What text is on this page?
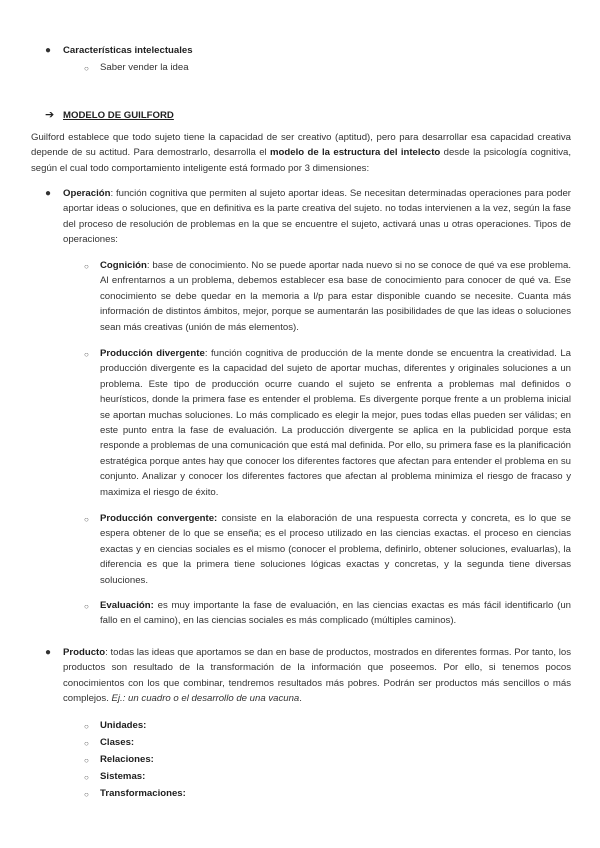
● Características intelectuales
○ Saber vender la idea
➔ MODELO DE GUILFORD
Guilford establece que todo sujeto tiene la capacidad de ser creativo (aptitud), pero para desarrollar esa capacidad creativa depende de su actitud. Para demostrarlo, desarrolla el modelo de la estructura del intelecto desde la psicología cognitiva, según el cual todo comportamiento inteligente está formado por 3 dimensiones:
● Operación: función cognitiva que permiten al sujeto aportar ideas. Se necesitan determinadas operaciones para poder aportar ideas o soluciones, que en definitiva es la parte creativa del sujeto. no todas intervienen a la vez, según la fase del proceso de resolución de problemas en la que se encuentre el sujeto, activará unas u otras operaciones. Tipos de operaciones:
○ Cognición: base de conocimiento. No se puede aportar nada nuevo si no se conoce de qué va ese problema. Al enfrentarnos a un problema, debemos establecer esa base de conocimiento para conocer de qué va. Ese conocimiento se debe quedar en la memoria a l/p para estar disponible cuando se necesite. Cuanta más información de distintos ámbitos, mejor, porque se aumentarán las posibilidades de que las ideas o soluciones sean más creativas (unión de más elementos).
○ Producción divergente: función cognitiva de producción de la mente donde se encuentra la creatividad. La producción divergente es la capacidad del sujeto de aportar muchas, diferentes y originales soluciones a un problema. Este tipo de producción ocurre cuando el sujeto se enfrenta a problemas mal definidos o heurísticos, donde la primera fase es entender el problema. Es divergente porque frente a un problema inicial se aportan muchas soluciones. Lo más complicado es elegir la mejor, pues todas ellas pueden ser válidas; en este punto entra la fase de evaluación. La producción divergente se aplica en la publicidad porque esta responde a problemas de una comunicación que está mal definida. Por ello, su primera fase es la planificación estratégica porque antes hay que conocer los diferentes factores que afectan para entender el problema en su conjunto. Analizar y conocer los diferentes factores que afectan al problema minimiza el riesgo de fracaso y maximiza el riesgo de éxito.
○ Producción convergente: consiste en la elaboración de una respuesta correcta y concreta, es lo que se espera obtener de lo que se enseña; es el proceso utilizado en las ciencias exactas. el proceso en ciencias exactas y en ciencias sociales es el mismo (conocer el problema, definirlo, obtener soluciones, evaluarlas), la diferencia es que la primera tiene soluciones lógicas exactas y concretas, y la segunda tiene diversas soluciones.
○ Evaluación: es muy importante la fase de evaluación, en las ciencias exactas es más fácil identificarlo (un fallo en el camino), en las ciencias sociales es más complicado (múltiples caminos).
● Producto: todas las ideas que aportamos se dan en base de productos, mostrados en diferentes formas. Por tanto, los productos son resultado de la transformación de la información que poseemos. Por ello, si tenemos pocos conocimientos con los que combinar, tendremos resultados más pobres. Podrán ser productos más sencillos o más complejos. Ej.: un cuadro o el desarrollo de una vacuna.
○ Unidades:
○ Clases:
○ Relaciones:
○ Sistemas:
○ Transformaciones:
